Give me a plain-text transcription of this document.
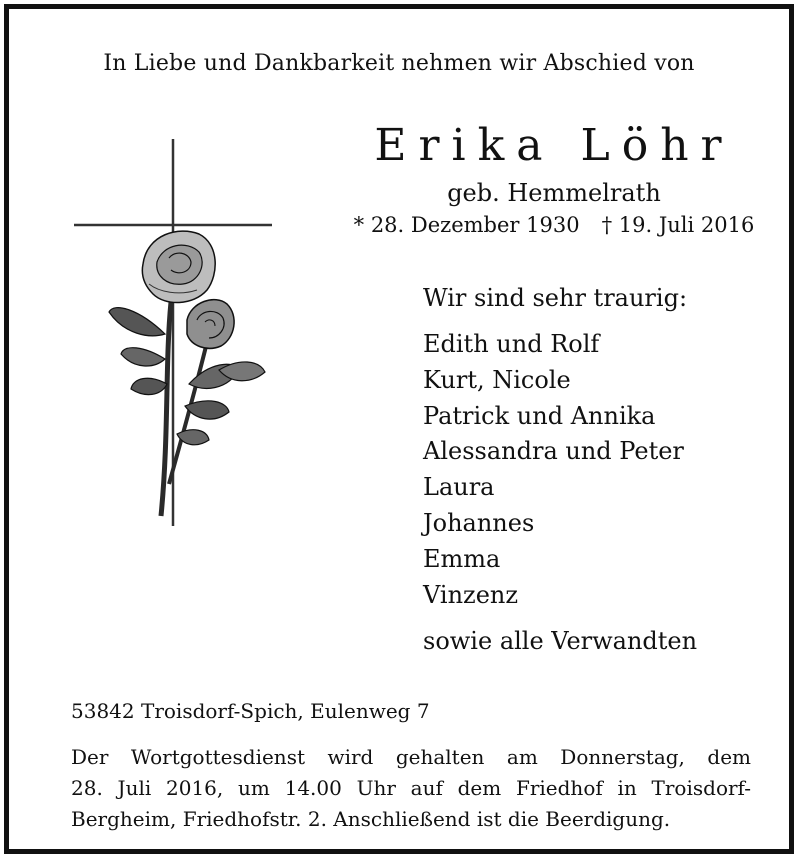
In Liebe und Dankbarkeit nehmen wir Abschied von
Erika Löhr
geb. Hemmelrath
* 28. Dezember 1930 † 19. Juli 2016
Wir sind sehr traurig:
Edith und Rolf
Kurt, Nicole
Patrick und Annika
Alessandra und Peter
Laura
Johannes
Emma
Vinzenz
sowie alle Verwandten
53842 Troisdorf-Spich, Eulenweg 7
Der Wortgottesdienst wird gehalten am Donnerstag, dem
28. Juli 2016, um 14.00 Uhr auf dem Friedhof in Troisdorf-
Bergheim, Friedhofstr. 2. Anschließend ist die Beerdigung.
